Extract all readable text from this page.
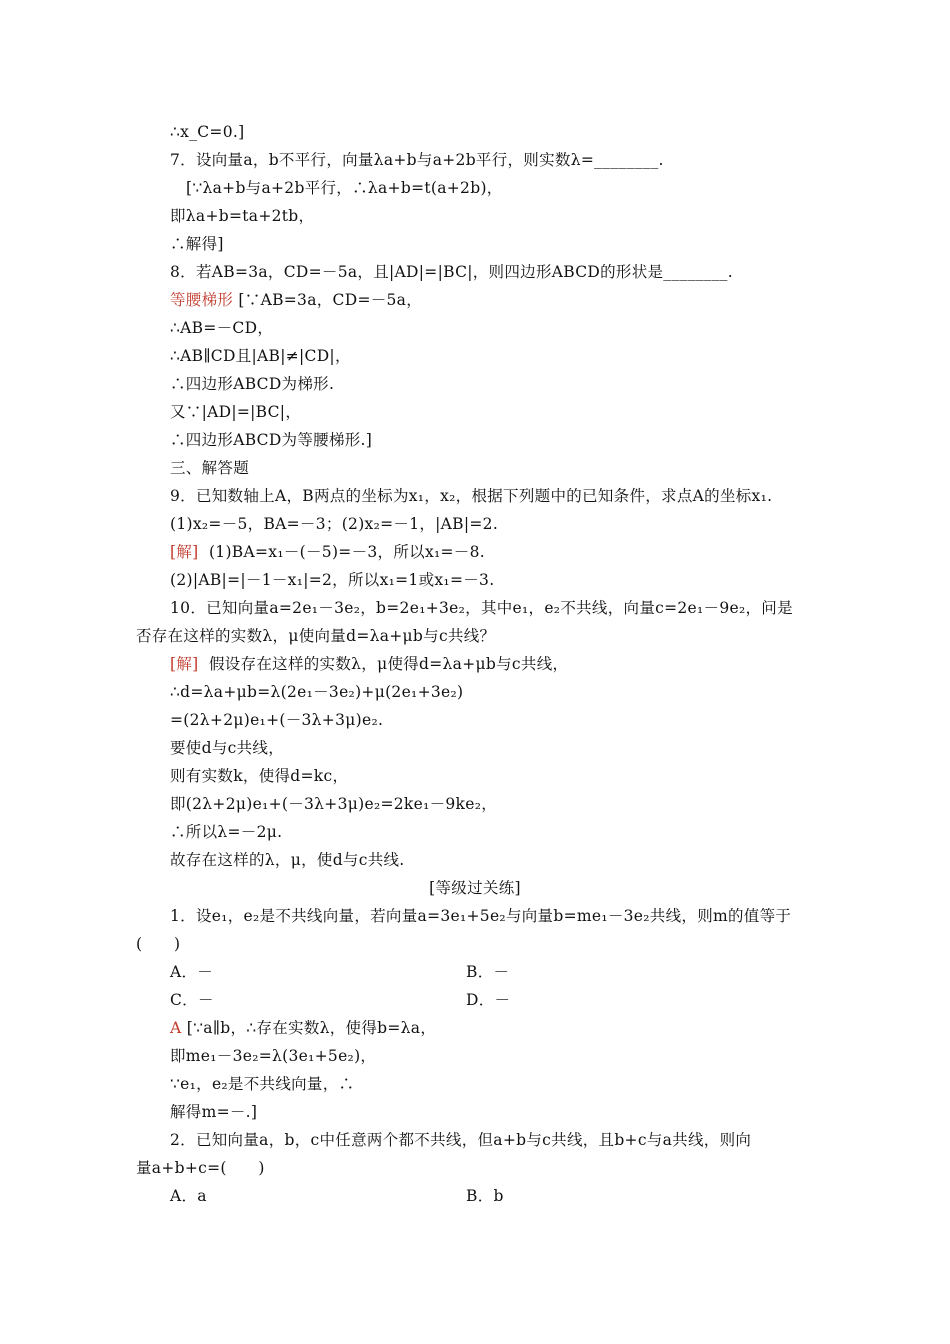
∴x_C=0.]
7．设向量a，b不平行，向量λa+b与a+2b平行，则实数λ=________.
[∵λa+b与a+2b平行，∴λa+b=t(a+2b)，
即λa+b=ta+2tb，
∴解得]
8．若AB=3a，CD=－5a，且|AD|=|BC|，则四边形ABCD的形状是________.
等腰梯形 [∵AB=3a，CD=－5a，
∴AB=－CD，
∴AB∥CD且|AB|≠|CD|，
∴四边形ABCD为梯形.
又∵|AD|=|BC|，
∴四边形ABCD为等腰梯形.]
三、解答题
9．已知数轴上A，B两点的坐标为x₁，x₂，根据下列题中的已知条件，求点A的坐标x₁.
(1)x₂=－5，BA=－3；(2)x₂=－1，|AB|=2.
[解]  (1)BA=x₁－(－5)=－3，所以x₁=－8.
(2)|AB|=|－1－x₁|=2，所以x₁=1或x₁=－3.
10．已知向量a=2e₁－3e₂，b=2e₁+3e₂，其中e₁，e₂不共线，向量c=2e₁－9e₂，问是
否存在这样的实数λ，μ使向量d=λa+μb与c共线？
[解]  假设存在这样的实数λ，μ使得d=λa+μb与c共线，
∴d=λa+μb=λ(2e₁－3e₂)+μ(2e₁+3e₂)
=(2λ+2μ)e₁+(－3λ+3μ)e₂.
要使d与c共线，
则有实数k，使得d=kc，
即(2λ+2μ)e₁+(－3λ+3μ)e₂=2ke₁－9ke₂，
∴所以λ=－2μ.
故存在这样的λ，μ，使d与c共线.
[等级过关练]
1．设e₁，e₂是不共线向量，若向量a=3e₁+5e₂与向量b=me₁－3e₂共线，则m的值等于
(　　)
A．－	B．－
C．－	D．－
A [∵a∥b，∴存在实数λ，使得b=λa，
即me₁－3e₂=λ(3e₁+5e₂)，
∵e₁，e₂是不共线向量，∴
解得m=－.]
2．已知向量a，b，c中任意两个都不共线，但a+b与c共线，且b+c与a共线，则向
量a+b+c=(　　)
A．a	B．b
